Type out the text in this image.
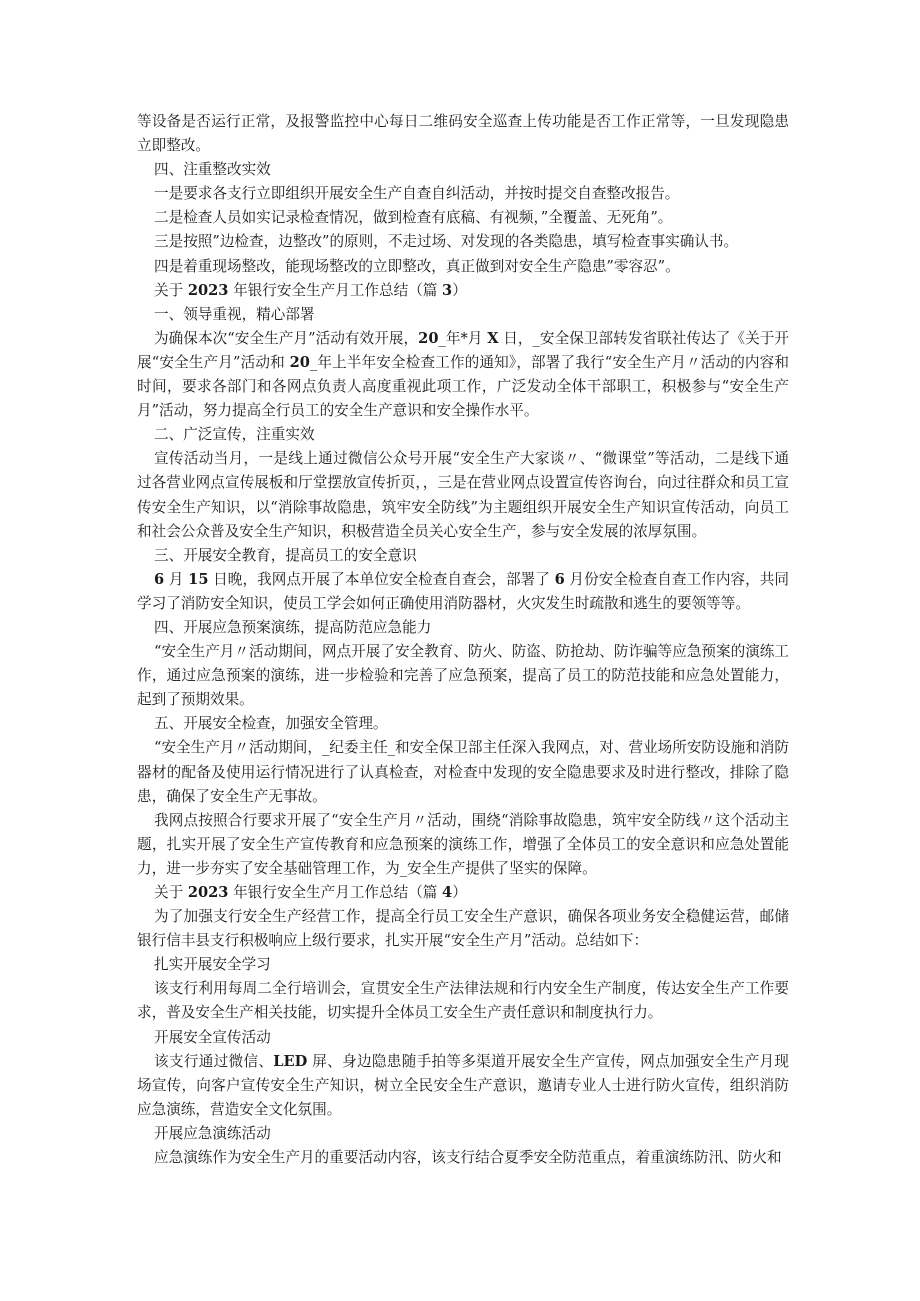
等设备是否运行正常，及报警监控中心每日二维码安全巡查上传功能是否工作正常等，一旦发现隐患立即整改。

四、注重整改实效

一是要求各支行立即组织开展安全生产自查自纠活动，并按时提交自查整改报告。

二是检查人员如实记录检查情况，做到检查有底稿、有视频，”全覆盖、无死角”。

三是按照”边检查，边整改”的原则，不走过场、对发现的各类隐患，填写检查事实确认书。

四是着重现场整改，能现场整改的立即整改，真正做到对安全生产隐患”零容忍”。

关于 2023 年银行安全生产月工作总结（篇 3）

一、领导重视，精心部署

为确保本次“安全生产月”活动有效开展，20_年*月 X 日，_安全保卫部转发省联社传达了《关于开展“安全生产月”活动和 20_年上半年安全检查工作的通知》，部署了我行“安全生产月〃活动的内容和时间，要求各部门和各网点负责人高度重视此项工作，广泛发动全体干部职工，积极参与“安全生产月”活动，努力提高全行员工的安全生产意识和安全操作水平。

二、广泛宣传，注重实效

宣传活动当月，一是线上通过微信公众号开展“安全生产大家谈〃、“微课堂”等活动，二是线下通过各营业网点宣传展板和厅堂摆放宣传折页，，三是在营业网点设置宣传咨询台，向过往群众和员工宣传安全生产知识，以“消除事故隐患，筑牢安全防线”为主题组织开展安全生产知识宣传活动，向员工和社会公众普及安全生产知识，积极营造全员关心安全生产，参与安全发展的浓厚氛围。

三、开展安全教育，提高员工的安全意识

6 月 15 日晚，我网点开展了本单位安全检查自查会，部署了 6 月份安全检查自查工作内容，共同学习了消防安全知识，使员工学会如何正确使用消防器材，火灾发生时疏散和逃生的要领等等。

四、开展应急预案演练，提高防范应急能力

“安全生产月〃活动期间，网点开展了安全教育、防火、防盗、防抢劫、防诈骗等应急预案的演练工作，通过应急预案的演练，进一步检验和完善了应急预案，提高了员工的防范技能和应急处置能力，起到了预期效果。

五、开展安全检查，加强安全管理。

“安全生产月〃活动期间，_纪委主任_和安全保卫部主任深入我网点，对、营业场所安防设施和消防器材的配备及使用运行情况进行了认真检查，对检查中发现的安全隐患要求及时进行整改，排除了隐患，确保了安全生产无事故。

我网点按照合行要求开展了“安全生产月〃活动，围绕“消除事故隐患，筑牢安全防线〃这个活动主题，扎实开展了安全生产宣传教育和应急预案的演练工作，增强了全体员工的安全意识和应急处置能力，进一步夯实了安全基础管理工作，为_安全生产提供了坚实的保障。

关于 2023 年银行安全生产月工作总结（篇 4）

为了加强支行安全生产经营工作，提高全行员工安全生产意识，确保各项业务安全稳健运营，邮储银行信丰县支行积极响应上级行要求，扎实开展“安全生产月”活动。总结如下：

扎实开展安全学习

该支行利用每周二全行培训会，宣贯安全生产法律法规和行内安全生产制度，传达安全生产工作要求，普及安全生产相关技能，切实提升全体员工安全生产责任意识和制度执行力。

开展安全宣传活动

该支行通过微信、LED 屏、身边隐患随手拍等多渠道开展安全生产宣传，网点加强安全生产月现场宣传，向客户宣传安全生产知识，树立全民安全生产意识，邀请专业人士进行防火宣传，组织消防应急演练，营造安全文化氛围。

开展应急演练活动

应急演练作为安全生产月的重要活动内容，该支行结合夏季安全防范重点，着重演练防汛、防火和
